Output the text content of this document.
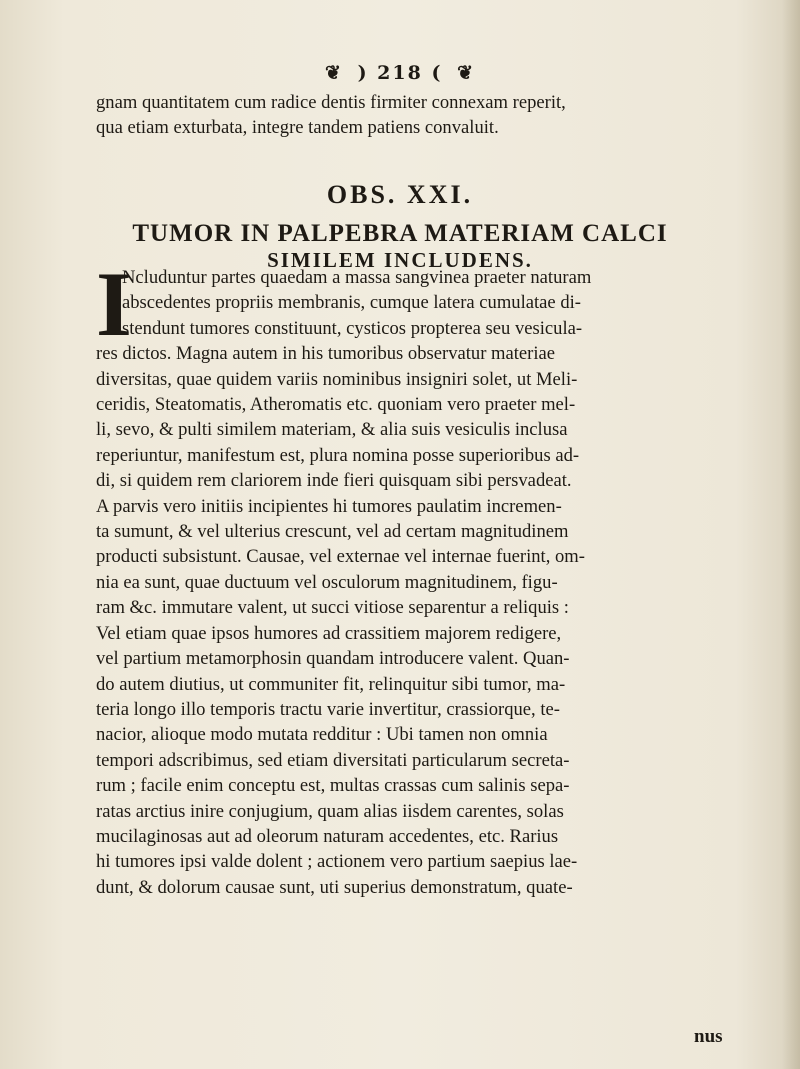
❦ ) 218 ( ❦

gnam quantitatem cum radice dentis firmiter connexam reperit,

qua etiam exturbata, integre tandem patiens convaluit.

OBS. XXI.
TUMOR IN PALPEBRA MATERIAM CALCI
SIMILEM INCLUDENS.
I

Ncluduntur partes quaedam a massa sangvinea praeter naturam

abscedentes propriis membranis, cumque latera cumulatae di-

stendunt tumores constituunt, cysticos propterea seu vesicula-

res dictos. Magna autem in his tumoribus observatur materiae

diversitas, quae quidem variis nominibus insigniri solet, ut Meli-

ceridis, Steatomatis, Atheromatis etc. quoniam vero praeter mel-

li, sevo, & pulti similem materiam, & alia suis vesiculis inclusa

reperiuntur, manifestum est, plura nomina posse superioribus ad-

di, si quidem rem clariorem inde fieri quisquam sibi persvadeat.

A parvis vero initiis incipientes hi tumores paulatim incremen-

ta sumunt, & vel ulterius crescunt, vel ad certam magnitudinem

producti subsistunt. Causae, vel externae vel internae fuerint, om-

nia ea sunt, quae ductuum vel osculorum magnitudinem, figu-

ram &c. immutare valent, ut succi vitiose separentur a reliquis :

Vel etiam quae ipsos humores ad crassitiem majorem redigere,

vel partium metamorphosin quandam introducere valent. Quan-

do autem diutius, ut communiter fit, relinquitur sibi tumor, ma-

teria longo illo temporis tractu varie invertitur, crassiorque, te-

nacior, alioque modo mutata redditur : Ubi tamen non omnia

tempori adscribimus, sed etiam diversitati particularum secreta-

rum ; facile enim conceptu est, multas crassas cum salinis sepa-

ratas arctius inire conjugium, quam alias iisdem carentes, solas

mucilaginosas aut ad oleorum naturam accedentes, etc. Rarius

hi tumores ipsi valde dolent ; actionem vero partium saepius lae-

dunt, & dolorum causae sunt, uti superius demonstratum, quate-

nus
